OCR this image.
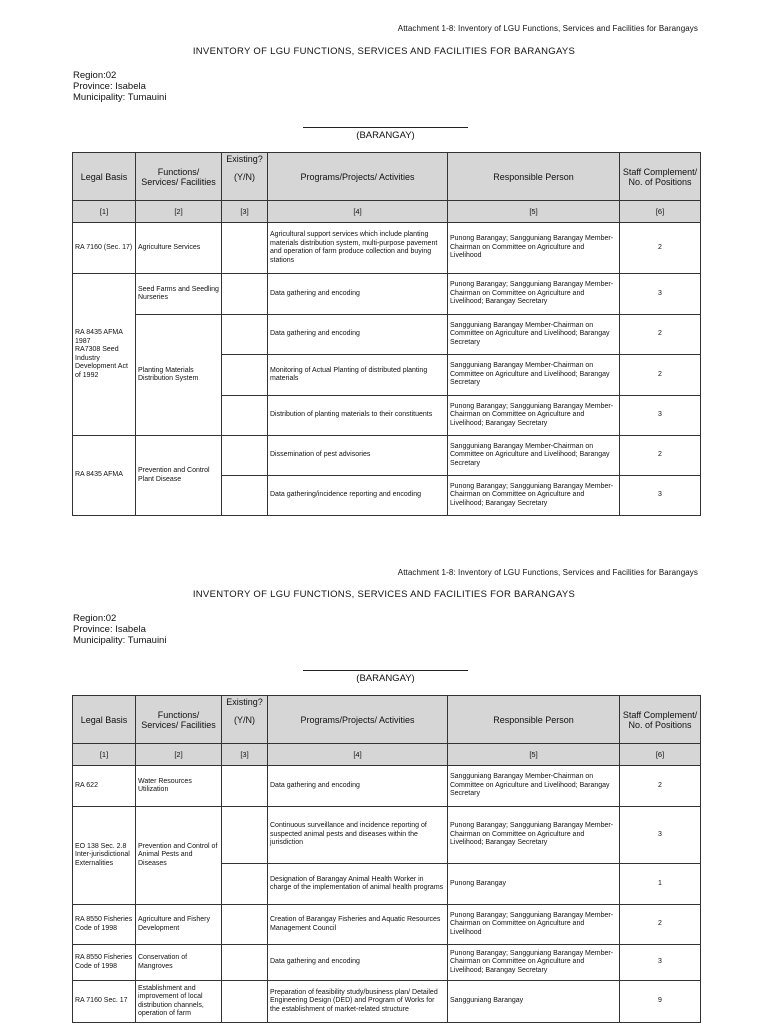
Attachment 1-8: Inventory of LGU Functions, Services and Facilities for Barangays
INVENTORY OF LGU FUNCTIONS, SERVICES AND FACILITIES FOR BARANGAYS
Region:02
Province: Isabela
Municipality: Tumauini
(BARANGAY)
Legal Basis	Functions/ Services/ Facilities	Existing?
(Y/N)	Programs/Projects/ Activities	Responsible Person	Staff Complement/ No. of Positions
[1]	[2]	[3]	[4]	[5]	[6]
RA 7160 (Sec. 17)	Agriculture Services		Agricultural support services which include planting materials distribution system, multi-purpose pavement and operation of farm produce collection and buying stations	Punong Barangay; Sangguniang Barangay Member-Chairman on Committee on Agriculture and Livelihood	2

RA 8435 AFMA 1987
RA7308 Seed Industry Development Act of 1992	Seed Farms and Seedling Nurseries		Data gathering and encoding	Punong Barangay; Sangguniang Barangay Member-Chairman on Committee on Agriculture and Livelihood; Barangay Secretary	3
	Planting Materials Distribution System		Data gathering and encoding	Sangguniang Barangay Member-Chairman on Committee on Agriculture and Livelihood; Barangay Secretary	2
			Monitoring of Actual Planting of distributed planting materials	Sangguniang Barangay Member-Chairman on Committee on Agriculture and Livelihood; Barangay Secretary	2
			Distribution of planting materials to their constituents	Punong Barangay; Sangguniang Barangay Member-Chairman on Committee on Agriculture and Livelihood; Barangay Secretary	3
RA 8435 AFMA	Prevention and Control Plant Disease		Dissemination of pest advisories	Sangguniang Barangay Member-Chairman on Committee on Agriculture and Livelihood; Barangay Secretary	2
			Data gathering/incidence reporting and encoding	Punong Barangay; Sangguniang Barangay Member-Chairman on Committee on Agriculture and Livelihood; Barangay Secretary	3
Attachment 1-8: Inventory of LGU Functions, Services and Facilities for Barangays
INVENTORY OF LGU FUNCTIONS, SERVICES AND FACILITIES FOR BARANGAYS
Region:02
Province: Isabela
Municipality: Tumauini
(BARANGAY)
Legal Basis	Functions/ Services/ Facilities	Existing?
(Y/N)	Programs/Projects/ Activities	Responsible Person	Staff Complement/ No. of Positions
[1]	[2]	[3]	[4]	[5]	[6]
RA 622	Water Resources Utilization		Data gathering and encoding	Sangguniang Barangay Member-Chairman on Committee on Agriculture and Livelihood; Barangay Secretary	2
EO 138 Sec. 2.8 Inter-jurisdictional Externalities	Prevention and Control of Animal Pests and Diseases		Continuous surveillance and incidence reporting of suspected animal pests and diseases within the jurisdiction	Punong Barangay; Sangguniang Barangay Member-Chairman on Committee on Agriculture and Livelihood; Barangay Secretary	3
			Designation of Barangay Animal Health Worker in charge of the implementation of animal health programs	Punong Barangay	1
RA 8550 Fisheries Code of 1998	Agriculture and Fishery Development		Creation of Barangay Fisheries and Aquatic Resources Management Council	Punong Barangay; Sangguniang Barangay Member-Chairman on Committee on Agriculture and Livelihood	2
RA 8550 Fisheries Code of 1998	Conservation of Mangroves		Data gathering and encoding	Punong Barangay; Sangguniang Barangay Member-Chairman on Committee on Agriculture and Livelihood; Barangay Secretary	3
RA 7160 Sec. 17	Establishment and improvement of local distribution channels, operation of farm		Preparation of feasibility study/business plan/ Detailed Engineering Design (DED) and Program of Works for the establishment of market-related structure	Sangguniang Barangay	9
